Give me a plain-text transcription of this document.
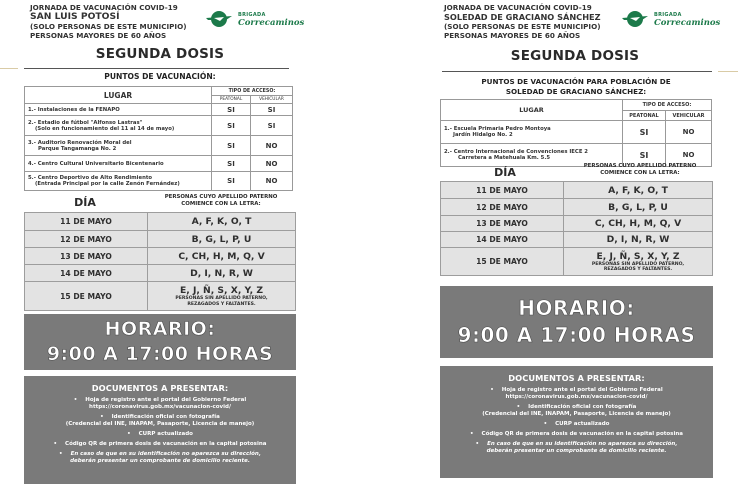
JORNADA DE VACUNACIÓN COVID-19
SAN LUIS POTOSÍ
(SOLO PERSONAS DE ESTE MUNICIPIO)
PERSONAS MAYORES DE 60 AÑOS
BRIGADA
Correcaminos
SEGUNDA DOSIS
PUNTOS DE VACUNACIÓN:
LUGAR	TIPO DE ACCESO:	
	PEATONAL	VEHICULAR

1.- Instalaciones de la FENAPO	SI	SI

2.- Estadio de fútbol "Alfonso Lastras"
(Solo en funcionamiento del 11 al 14 de mayo)	SI	SI

3.- Auditorio Renovación Moral del
Parque Tangamanga No. 2	SI	NO

4.- Centro Cultural Universitario Bicentenario	SI	NO

5.- Centro Deportivo de Alto Rendimiento
(Entrada Principal por la calle Zenón Fernández)	SI	NO
DÍA	PERSONAS CUYO APELLIDO PATERNO
COMIENCE CON LA LETRA:
11 DE MAYO	A, F, K, O, T
12 DE MAYO	B, G, L, P, U
13 DE MAYO	C, CH, H, M, Q, V
14 DE MAYO	D, I, N, R, W
15 DE MAYO	E, J, Ñ, S, X, Y, Z
PERSONAS SIN APELLIDO PATERNO,
REZAGADOS Y FALTANTES.
HORARIO:
9:00 A 17:00 HORAS
DOCUMENTOS A PRESENTAR:
• Hoja de registro ante el portal del Gobierno Federal
https://coronavirus.gob.mx/vacunacion-covid/
• Identificación oficial con fotografía
(Credencial del INE, INAPAM, Pasaporte, Licencia de manejo)
• CURP actualizado
• Código QR de primera dosis de vacunación en la capital potosina
• En caso de que en su identificación no aparezca su dirección,
deberán presentar un comprobante de domicilio reciente.
JORNADA DE VACUNACIÓN COVID-19
SOLEDAD DE GRACIANO SÁNCHEZ
(SOLO PERSONAS DE ESTE MUNICIPIO)
PERSONAS MAYORES DE 60 AÑOS
BRIGADA
Correcaminos
SEGUNDA DOSIS
PUNTOS DE VACUNACIÓN PARA POBLACIÓN DE
SOLEDAD DE GRACIANO SÁNCHEZ:
LUGAR	TIPO DE ACCESO:	
	PEATONAL	VEHICULAR

1.- Escuela Primaria Pedro Montoya
Jardín Hidalgo No. 2	SI	NO

2.- Centro Internacional de Convenciones IECE 2
Carretera a Matehuala Km. 5.5	SI	NO
DÍA	PERSONAS CUYO APELLIDO PATERNO
COMIENCE CON LA LETRA:
11 DE MAYO	A, F, K, O, T
12 DE MAYO	B, G, L, P, U
13 DE MAYO	C, CH, H, M, Q, V
14 DE MAYO	D, I, N, R, W
15 DE MAYO	E, J, Ñ, S, X, Y, Z
PERSONAS SIN APELLIDO PATERNO,
REZAGADOS Y FALTANTES.
HORARIO:
9:00 A 17:00 HORAS
DOCUMENTOS A PRESENTAR:
• Hoja de registro ante el portal del Gobierno Federal
https://coronavirus.gob.mx/vacunacion-covid/
• Identificación oficial con fotografía
(Credencial del INE, INAPAM, Pasaporte, Licencia de manejo)
• CURP actualizado
• Código QR de primera dosis de vacunación en la capital potosina
• En caso de que en su identificación no aparezca su dirección,
deberán presentar un comprobante de domicilio reciente.
